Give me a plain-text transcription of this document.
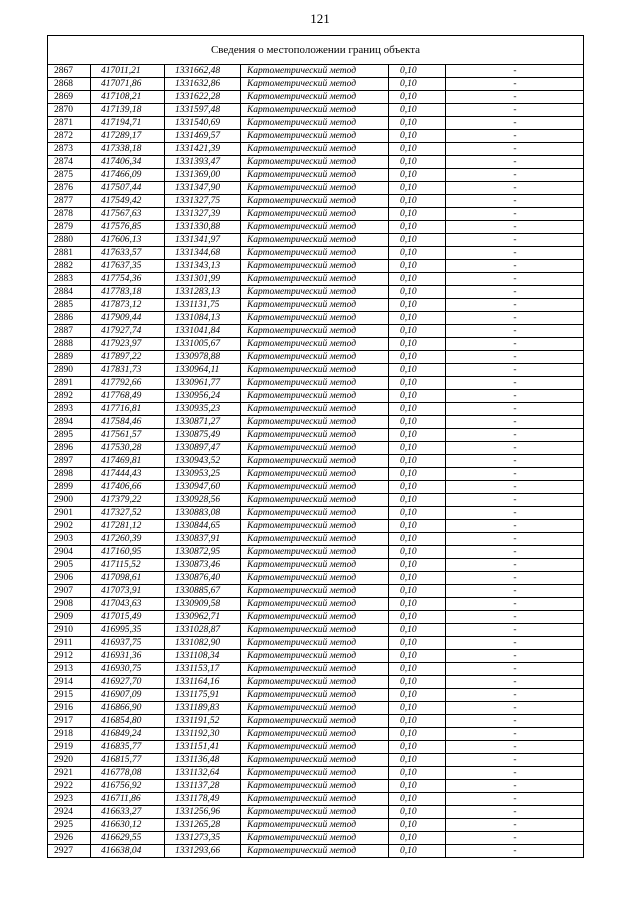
121
Сведения о местоположении границ объекта					
2867	417011,21	1331662,48	Картометрический метод	0,10	-
2868	417071,86	1331632,86	Картометрический метод	0,10	-
2869	417108,21	1331622,28	Картометрический метод	0,10	-
2870	417139,18	1331597,48	Картометрический метод	0,10	-
2871	417194,71	1331540,69	Картометрический метод	0,10	-
2872	417289,17	1331469,57	Картометрический метод	0,10	-
2873	417338,18	1331421,39	Картометрический метод	0,10	-
2874	417406,34	1331393,47	Картометрический метод	0,10	-
2875	417466,09	1331369,00	Картометрический метод	0,10	-
2876	417507,44	1331347,90	Картометрический метод	0,10	-
2877	417549,42	1331327,75	Картометрический метод	0,10	-
2878	417567,63	1331327,39	Картометрический метод	0,10	-
2879	417576,85	1331330,88	Картометрический метод	0,10	-
2880	417606,13	1331341,97	Картометрический метод	0,10	-
2881	417633,57	1331344,68	Картометрический метод	0,10	-
2882	417637,35	1331343,13	Картометрический метод	0,10	-
2883	417754,36	1331301,99	Картометрический метод	0,10	-
2884	417783,18	1331283,13	Картометрический метод	0,10	-
2885	417873,12	1331131,75	Картометрический метод	0,10	-
2886	417909,44	1331084,13	Картометрический метод	0,10	-
2887	417927,74	1331041,84	Картометрический метод	0,10	-
2888	417923,97	1331005,67	Картометрический метод	0,10	-
2889	417897,22	1330978,88	Картометрический метод	0,10	-
2890	417831,73	1330964,11	Картометрический метод	0,10	-
2891	417792,66	1330961,77	Картометрический метод	0,10	-
2892	417768,49	1330956,24	Картометрический метод	0,10	-
2893	417716,81	1330935,23	Картометрический метод	0,10	-
2894	417584,46	1330871,27	Картометрический метод	0,10	-
2895	417561,57	1330875,49	Картометрический метод	0,10	-
2896	417530,28	1330897,47	Картометрический метод	0,10	-
2897	417469,81	1330943,52	Картометрический метод	0,10	-
2898	417444,43	1330953,25	Картометрический метод	0,10	-
2899	417406,66	1330947,60	Картометрический метод	0,10	-
2900	417379,22	1330928,56	Картометрический метод	0,10	-
2901	417327,52	1330883,08	Картометрический метод	0,10	-
2902	417281,12	1330844,65	Картометрический метод	0,10	-
2903	417260,39	1330837,91	Картометрический метод	0,10	-
2904	417160,95	1330872,95	Картометрический метод	0,10	-
2905	417115,52	1330873,46	Картометрический метод	0,10	-
2906	417098,61	1330876,40	Картометрический метод	0,10	-
2907	417073,91	1330885,67	Картометрический метод	0,10	-
2908	417043,63	1330909,58	Картометрический метод	0,10	-
2909	417015,49	1330962,71	Картометрический метод	0,10	-
2910	416995,35	1331028,87	Картометрический метод	0,10	-
2911	416937,75	1331082,90	Картометрический метод	0,10	-
2912	416931,36	1331108,34	Картометрический метод	0,10	-
2913	416930,75	1331153,17	Картометрический метод	0,10	-
2914	416927,70	1331164,16	Картометрический метод	0,10	-
2915	416907,09	1331175,91	Картометрический метод	0,10	-
2916	416866,90	1331189,83	Картометрический метод	0,10	-
2917	416854,80	1331191,52	Картометрический метод	0,10	-
2918	416849,24	1331192,30	Картометрический метод	0,10	-
2919	416835,77	1331151,41	Картометрический метод	0,10	-
2920	416815,77	1331136,48	Картометрический метод	0,10	-
2921	416778,08	1331132,64	Картометрический метод	0,10	-
2922	416756,92	1331137,28	Картометрический метод	0,10	-
2923	416711,86	1331178,49	Картометрический метод	0,10	-
2924	416633,27	1331256,96	Картометрический метод	0,10	-
2925	416630,12	1331265,28	Картометрический метод	0,10	-
2926	416629,55	1331273,35	Картометрический метод	0,10	-
2927	416638,04	1331293,66	Картометрический метод	0,10	-
